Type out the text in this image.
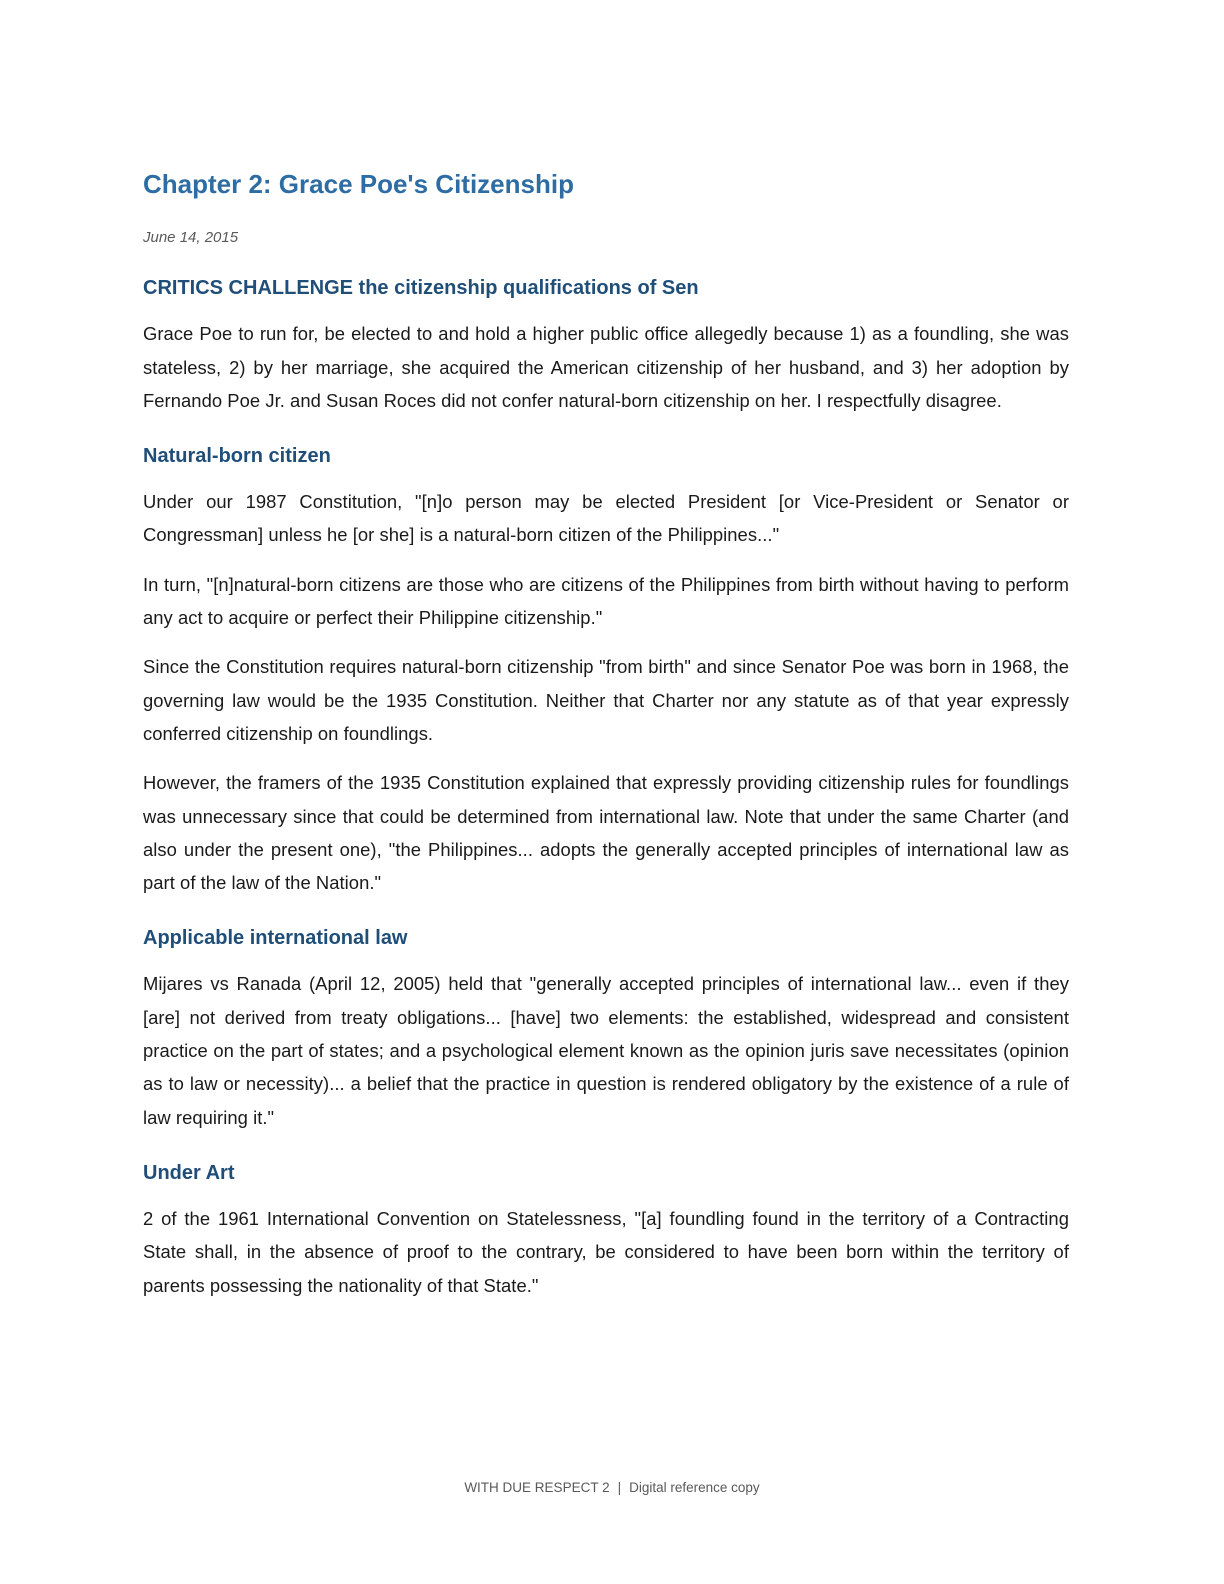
Chapter 2: Grace Poe's Citizenship

June 14, 2015

CRITICS CHALLENGE the citizenship qualifications of Sen

Grace Poe to run for, be elected to and hold a higher public office allegedly because 1) as a foundling, she was stateless, 2) by her marriage, she acquired the American citizenship of her husband, and 3) her adoption by Fernando Poe Jr. and Susan Roces did not confer natural-born citizenship on her. I respectfully disagree.

Natural-born citizen

Under our 1987 Constitution, "[n]o person may be elected President [or Vice-President or Senator or Congressman] unless he [or she] is a natural-born citizen of the Philippines..."

In turn, "[n]natural-born citizens are those who are citizens of the Philippines from birth without having to perform any act to acquire or perfect their Philippine citizenship."

Since the Constitution requires natural-born citizenship "from birth" and since Senator Poe was born in 1968, the governing law would be the 1935 Constitution. Neither that Charter nor any statute as of that year expressly conferred citizenship on foundlings.

However, the framers of the 1935 Constitution explained that expressly providing citizenship rules for foundlings was unnecessary since that could be determined from international law. Note that under the same Charter (and also under the present one), "the Philippines... adopts the generally accepted principles of international law as part of the law of the Nation."

Applicable international law

Mijares vs Ranada (April 12, 2005) held that "generally accepted principles of international law... even if they [are] not derived from treaty obligations... [have] two elements: the established, widespread and consistent practice on the part of states; and a psychological element known as the opinion juris save necessitates (opinion as to law or necessity)... a belief that the practice in question is rendered obligatory by the existence of a rule of law requiring it."

Under Art

2 of the 1961 International Convention on Statelessness, "[a] foundling found in the territory of a Contracting State shall, in the absence of proof to the contrary, be considered to have been born within the territory of parents possessing the nationality of that State."

WITH DUE RESPECT 2 | Digital reference copy
